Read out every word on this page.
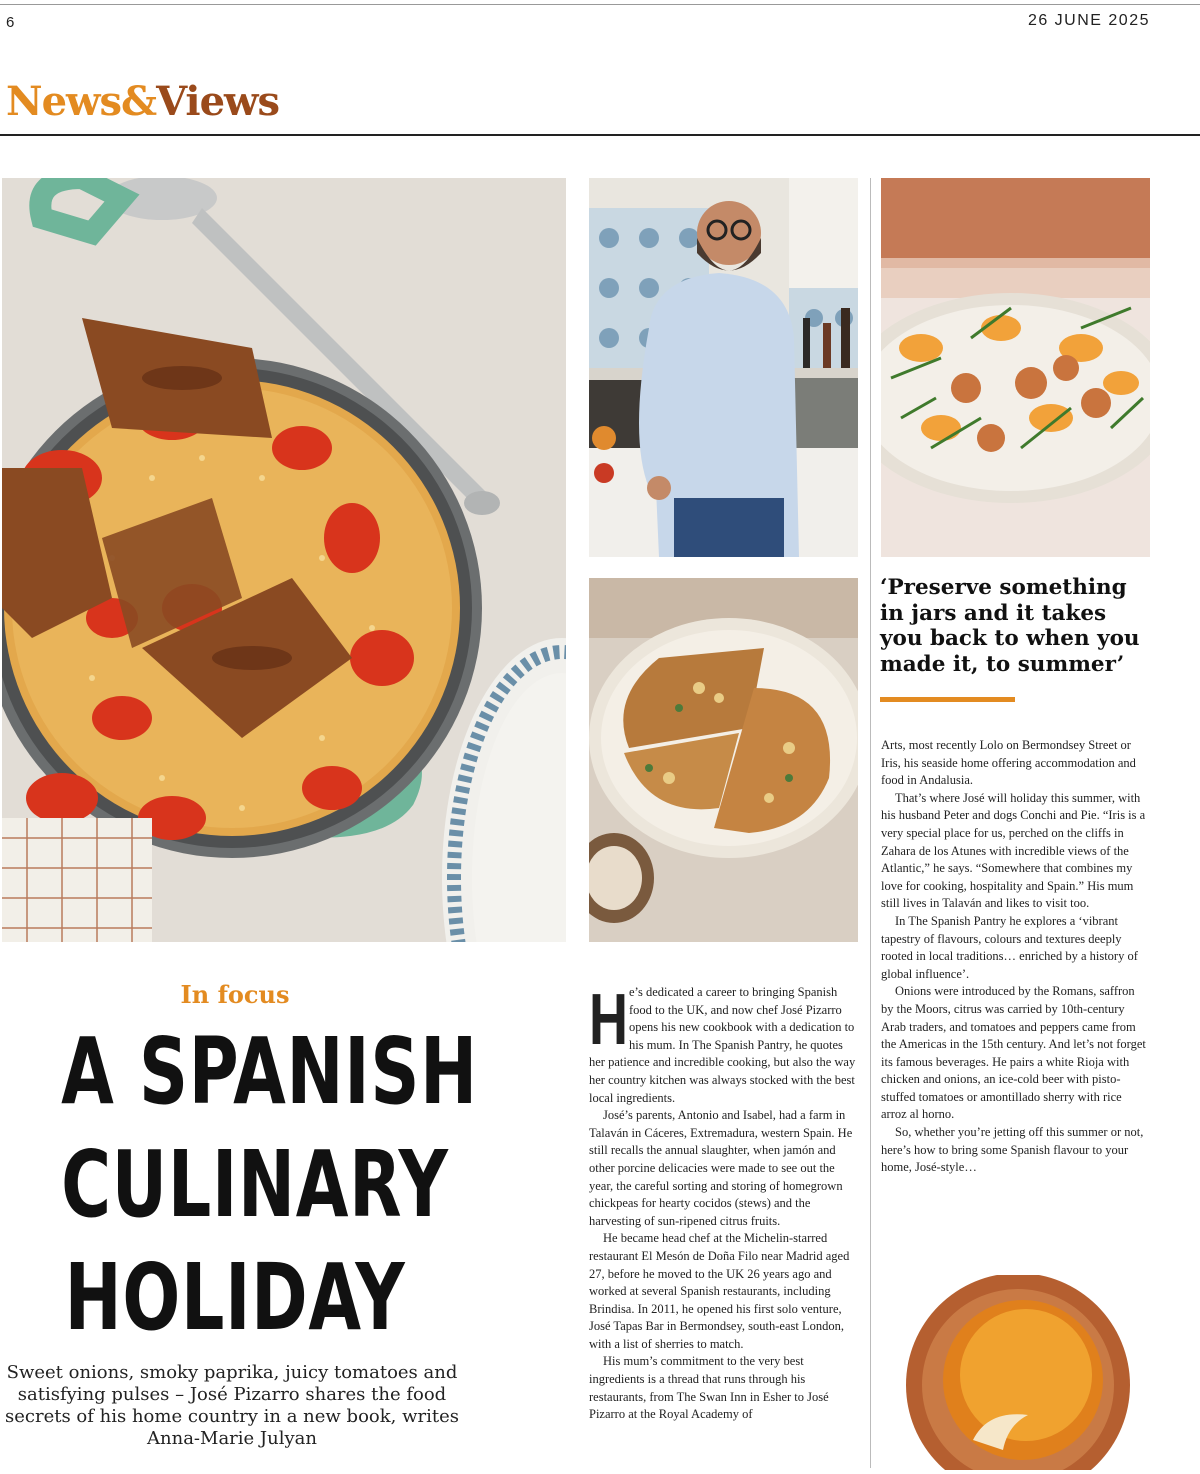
6	26 JUNE 2025
News&Views
In focus
A SPANISH
CULINARY
HOLIDAY
Sweet onions, smoky paprika, juicy tomatoes and satisfying pulses – José Pizarro shares the food secrets of his home country in a new book, writes Anna-Marie Julyan
‘Preserve something in jars and it takes you back to when you made it, to summer’

He’s dedicated a career to bringing Spanish food to the UK, and now chef José Pizarro opens his new cookbook with a dedication to his mum. In The Spanish Pantry, he quotes her patience and incredible cooking, but also the way her country kitchen was always stocked with the best local ingredients.

José’s parents, Antonio and Isabel, had a farm in Talaván in Cáceres, Extremadura, western Spain. He still recalls the annual slaughter, when jamón and other porcine delicacies were made to see out the year, the careful sorting and storing of homegrown chickpeas for hearty cocidos (stews) and the harvesting of sun-ripened citrus fruits.

He became head chef at the Michelin-starred restaurant El Mesón de Doña Filo near Madrid aged 27, before he moved to the UK 26 years ago and worked at several Spanish restaurants, including Brindisa. In 2011, he opened his first solo venture, José Tapas Bar in Bermondsey, south-east London, with a list of sherries to match.

His mum’s commitment to the very best ingredients is a thread that runs through his restaurants, from The Swan Inn in Esher to José Pizarro at the Royal Academy of

Arts, most recently Lolo on Bermondsey Street or Iris, his seaside home offering accommodation and food in Andalusia.

That’s where José will holiday this summer, with his husband Peter and dogs Conchi and Pie. “Iris is a very special place for us, perched on the cliffs in Zahara de los Atunes with incredible views of the Atlantic,” he says. “Somewhere that combines my love for cooking, hospitality and Spain.” His mum still lives in Talaván and likes to visit too.

In The Spanish Pantry he explores a ‘vibrant tapestry of flavours, colours and textures deeply rooted in local traditions… enriched by a history of global influence’.

Onions were introduced by the Romans, saffron by the Moors, citrus was carried by 10th-century Arab traders, and tomatoes and peppers came from the Americas in the 15th century. And let’s not forget its famous beverages. He pairs a white Rioja with chicken and onions, an ice-cold beer with pisto-stuffed tomatoes or amontillado sherry with rice arroz al horno.

So, whether you’re jetting off this summer or not, here’s how to bring some Spanish flavour to your home, José-style…
